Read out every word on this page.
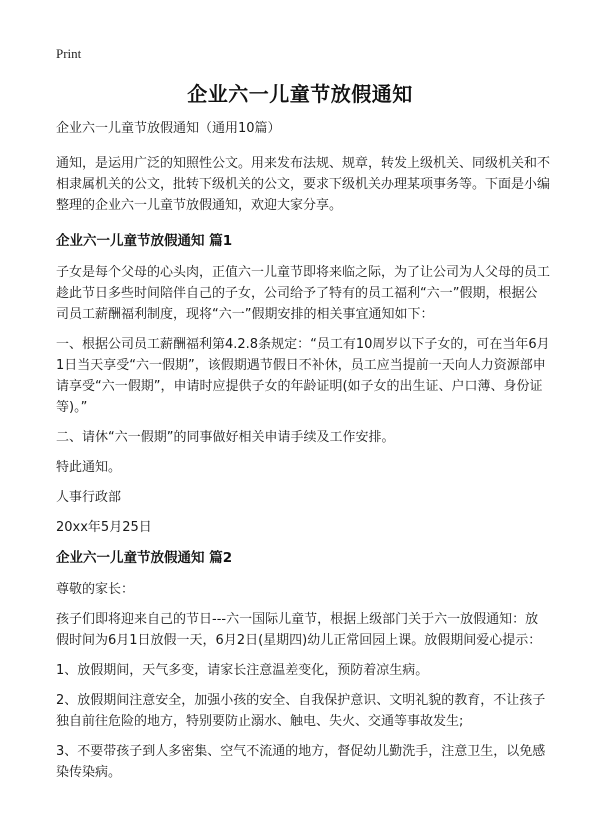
Print
企业六一儿童节放假通知

企业六一儿童节放假通知（通用10篇）

通知，是运用广泛的知照性公文。用来发布法规、规章，转发上级机关、同级机关和不相隶属机关的公文，批转下级机关的公文，要求下级机关办理某项事务等。下面是小编整理的企业六一儿童节放假通知，欢迎大家分享。

企业六一儿童节放假通知 篇1

子女是每个父母的心头肉，正值六一儿童节即将来临之际，为了让公司为人父母的员工趁此节日多些时间陪伴自己的子女，公司给予了特有的员工福利“六一”假期，根据公司员工薪酬福利制度，现将“六一”假期安排的相关事宜通知如下：

一、根据公司员工薪酬福利第4.2.8条规定：“员工有10周岁以下子女的，可在当年6月1日当天享受“六一假期”，该假期遇节假日不补休，员工应当提前一天向人力资源部申请享受“六一假期”，申请时应提供子女的年龄证明(如子女的出生证、户口薄、身份证等)。”

二、请休“六一假期”的同事做好相关申请手续及工作安排。

特此通知。

人事行政部

20xx年5月25日

企业六一儿童节放假通知 篇2

尊敬的家长：

孩子们即将迎来自己的节日---六一国际儿童节，根据上级部门关于六一放假通知：放假时间为6月1日放假一天，6月2日(星期四)幼儿正常回园上课。放假期间爱心提示：

1、放假期间，天气多变，请家长注意温差变化，预防着凉生病。

2、放假期间注意安全，加强小孩的安全、自我保护意识、文明礼貌的教育，不让孩子独自前往危险的地方，特别要防止溺水、触电、失火、交通等事故发生;

3、不要带孩子到人多密集、空气不流通的地方，督促幼儿勤洗手，注意卫生，以免感染传染病。
